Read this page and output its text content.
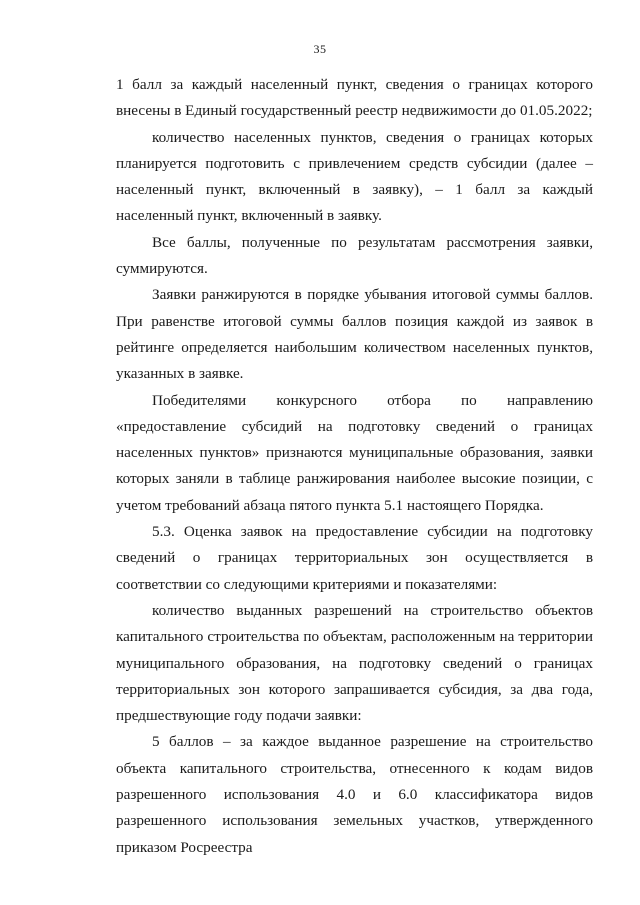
35

1 балл за каждый населенный пункт, сведения о границах которого внесены в Единый государственный реестр недвижимости до 01.05.2022;

количество населенных пунктов, сведения о границах которых планируется подготовить с привлечением средств субсидии (далее – населенный пункт, включенный в заявку), – 1 балл за каждый населенный пункт, включенный в заявку.

Все баллы, полученные по результатам рассмотрения заявки, суммируются.

Заявки ранжируются в порядке убывания итоговой суммы баллов. При равенстве итоговой суммы баллов позиция каждой из заявок в рейтинге определяется наибольшим количеством населенных пунктов, указанных в заявке.

Победителями конкурсного отбора по направлению «предоставление субсидий на подготовку сведений о границах населенных пунктов» признаются муниципальные образования, заявки которых заняли в таблице ранжирования наиболее высокие позиции, с учетом требований абзаца пятого пункта 5.1 настоящего Порядка.

5.3. Оценка заявок на предоставление субсидии на подготовку сведений о границах территориальных зон осуществляется в соответствии со следующими критериями и показателями:

количество выданных разрешений на строительство объектов капитального строительства по объектам, расположенным на территории муниципального образования, на подготовку сведений о границах территориальных зон которого запрашивается субсидия, за два года, предшествующие году подачи заявки:

5 баллов – за каждое выданное разрешение на строительство объекта капитального строительства, отнесенного к кодам видов разрешенного использования 4.0 и 6.0 классификатора видов разрешенного использования земельных участков, утвержденного приказом Росреестра
